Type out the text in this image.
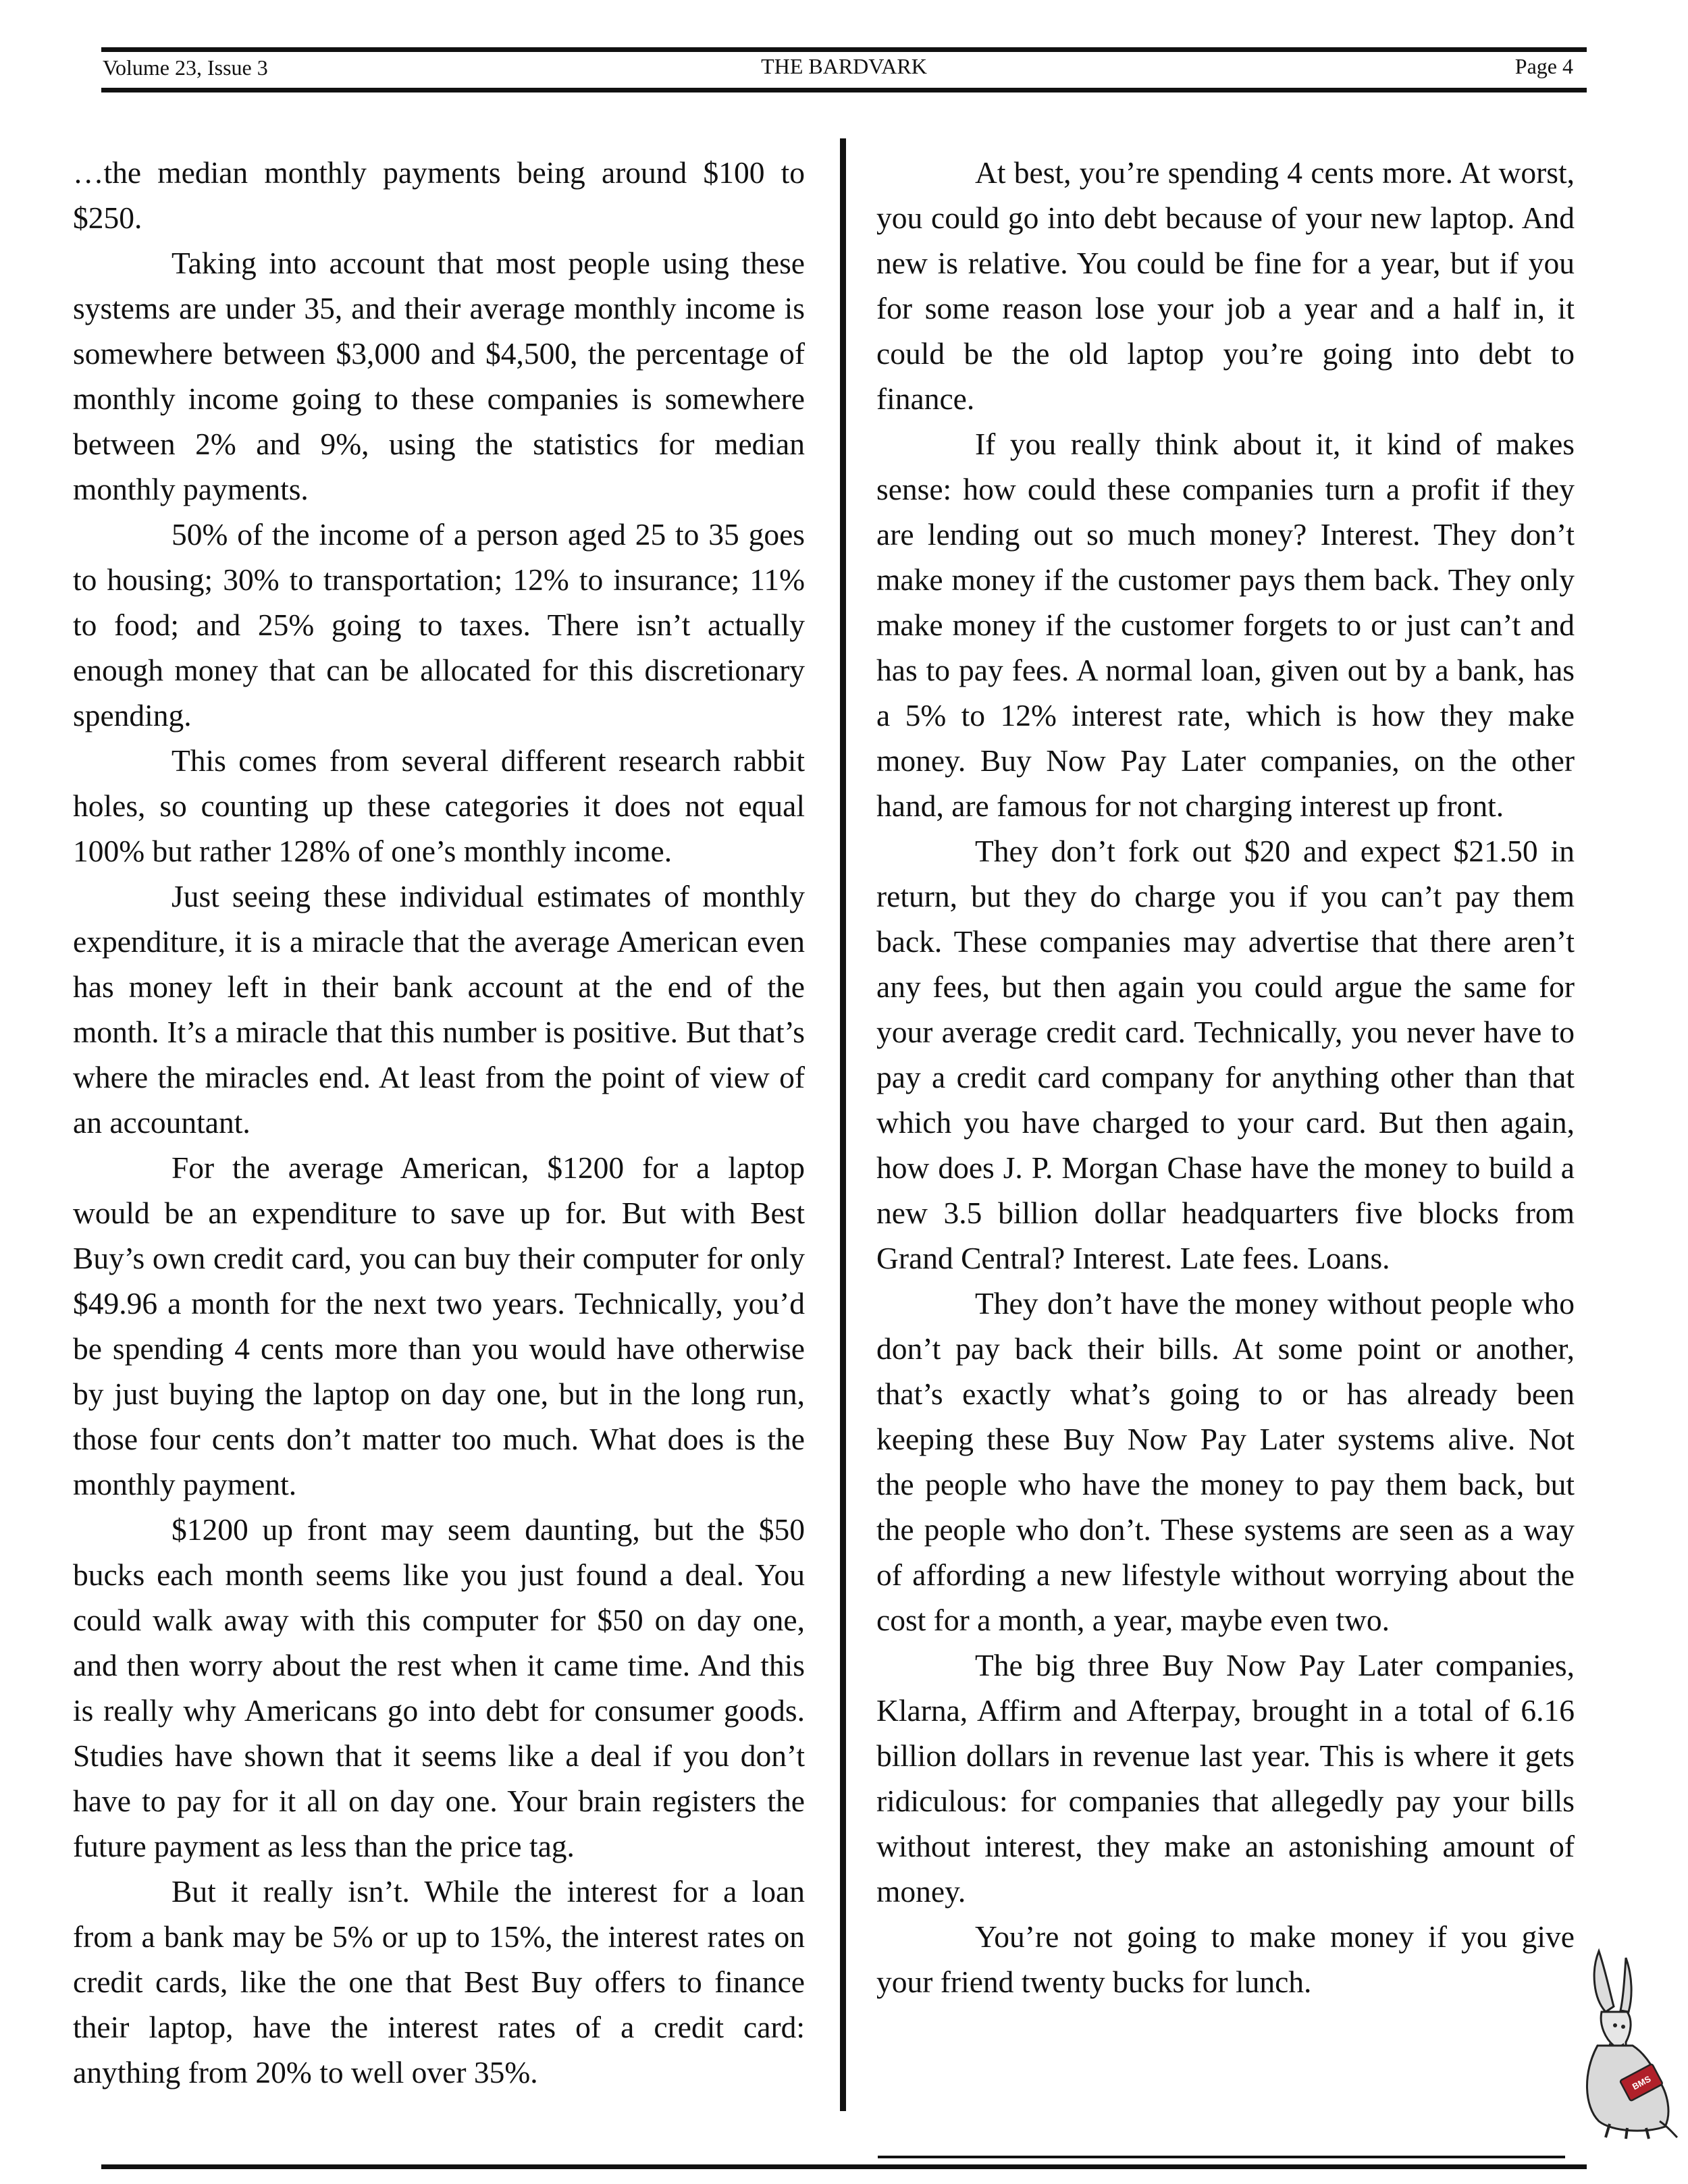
Volume 23, Issue 3	THE BARDVARK	Page 4

…the median monthly payments being around $100 to $250.

Taking into account that most people using these systems are under 35, and their average monthly income is somewhere between $3,000 and $4,500, the percentage of monthly income going to these companies is somewhere between 2% and 9%, using the statistics for median monthly payments.

50% of the income of a person aged 25 to 35 goes to housing; 30% to transportation; 12% to insurance; 11% to food; and 25% going to taxes. There isn’t actually enough money that can be allocated for this discretionary spending.

This comes from several different research rabbit holes, so counting up these categories it does not equal 100% but rather 128% of one’s monthly income.

Just seeing these individual estimates of monthly expenditure, it is a miracle that the average American even has money left in their bank account at the end of the month. It’s a miracle that this number is positive. But that’s where the miracles end. At least from the point of view of an accountant.

For the average American, $1200 for a laptop would be an expenditure to save up for. But with Best Buy’s own credit card, you can buy their computer for only $49.96 a month for the next two years. Technically, you’d be spending 4 cents more than you would have otherwise by just buying the laptop on day one, but in the long run, those four cents don’t matter too much. What does is the monthly payment.

$1200 up front may seem daunting, but the $50 bucks each month seems like you just found a deal. You could walk away with this computer for $50 on day one, and then worry about the rest when it came time. And this is really why Americans go into debt for consumer goods. Studies have shown that it seems like a deal if you don’t have to pay for it all on day one. Your brain registers the future payment as less than the price tag.

But it really isn’t. While the interest for a loan from a bank may be 5% or up to 15%, the interest rates on credit cards, like the one that Best Buy offers to finance their laptop, have the interest rates of a credit card: anything from 20% to well over 35%.

At best, you’re spending 4 cents more. At worst, you could go into debt because of your new laptop. And new is relative. You could be fine for a year, but if you for some reason lose your job a year and a half in, it could be the old laptop you’re going into debt to finance.

If you really think about it, it kind of makes sense: how could these companies turn a profit if they are lending out so much money? Interest. They don’t make money if the customer pays them back. They only make money if the customer forgets to or just can’t and has to pay fees. A normal loan, given out by a bank, has a 5% to 12% interest rate, which is how they make money. Buy Now Pay Later companies, on the other hand, are famous for not charging interest up front.

They don’t fork out $20 and expect $21.50 in return, but they do charge you if you can’t pay them back. These companies may advertise that there aren’t any fees, but then again you could argue the same for your average credit card. Technically, you never have to pay a credit card company for anything other than that which you have charged to your card. But then again, how does J. P. Morgan Chase have the money to build a new 3.5 billion dollar headquarters five blocks from Grand Central? Interest. Late fees. Loans.

They don’t have the money without people who don’t pay back their bills. At some point or another, that’s exactly what’s going to or has already been keeping these Buy Now Pay Later systems alive. Not the people who have the money to pay them back, but the people who don’t. These systems are seen as a way of affording a new lifestyle without worrying about the cost for a month, a year, maybe even two.

The big three Buy Now Pay Later companies, Klarna, Affirm and Afterpay, brought in a total of 6.16 billion dollars in revenue last year. This is where it gets ridiculous: for companies that allegedly pay your bills without interest, they make an astonishing amount of money.

You’re not going to make money if you give your friend twenty bucks for lunch.

BMS
